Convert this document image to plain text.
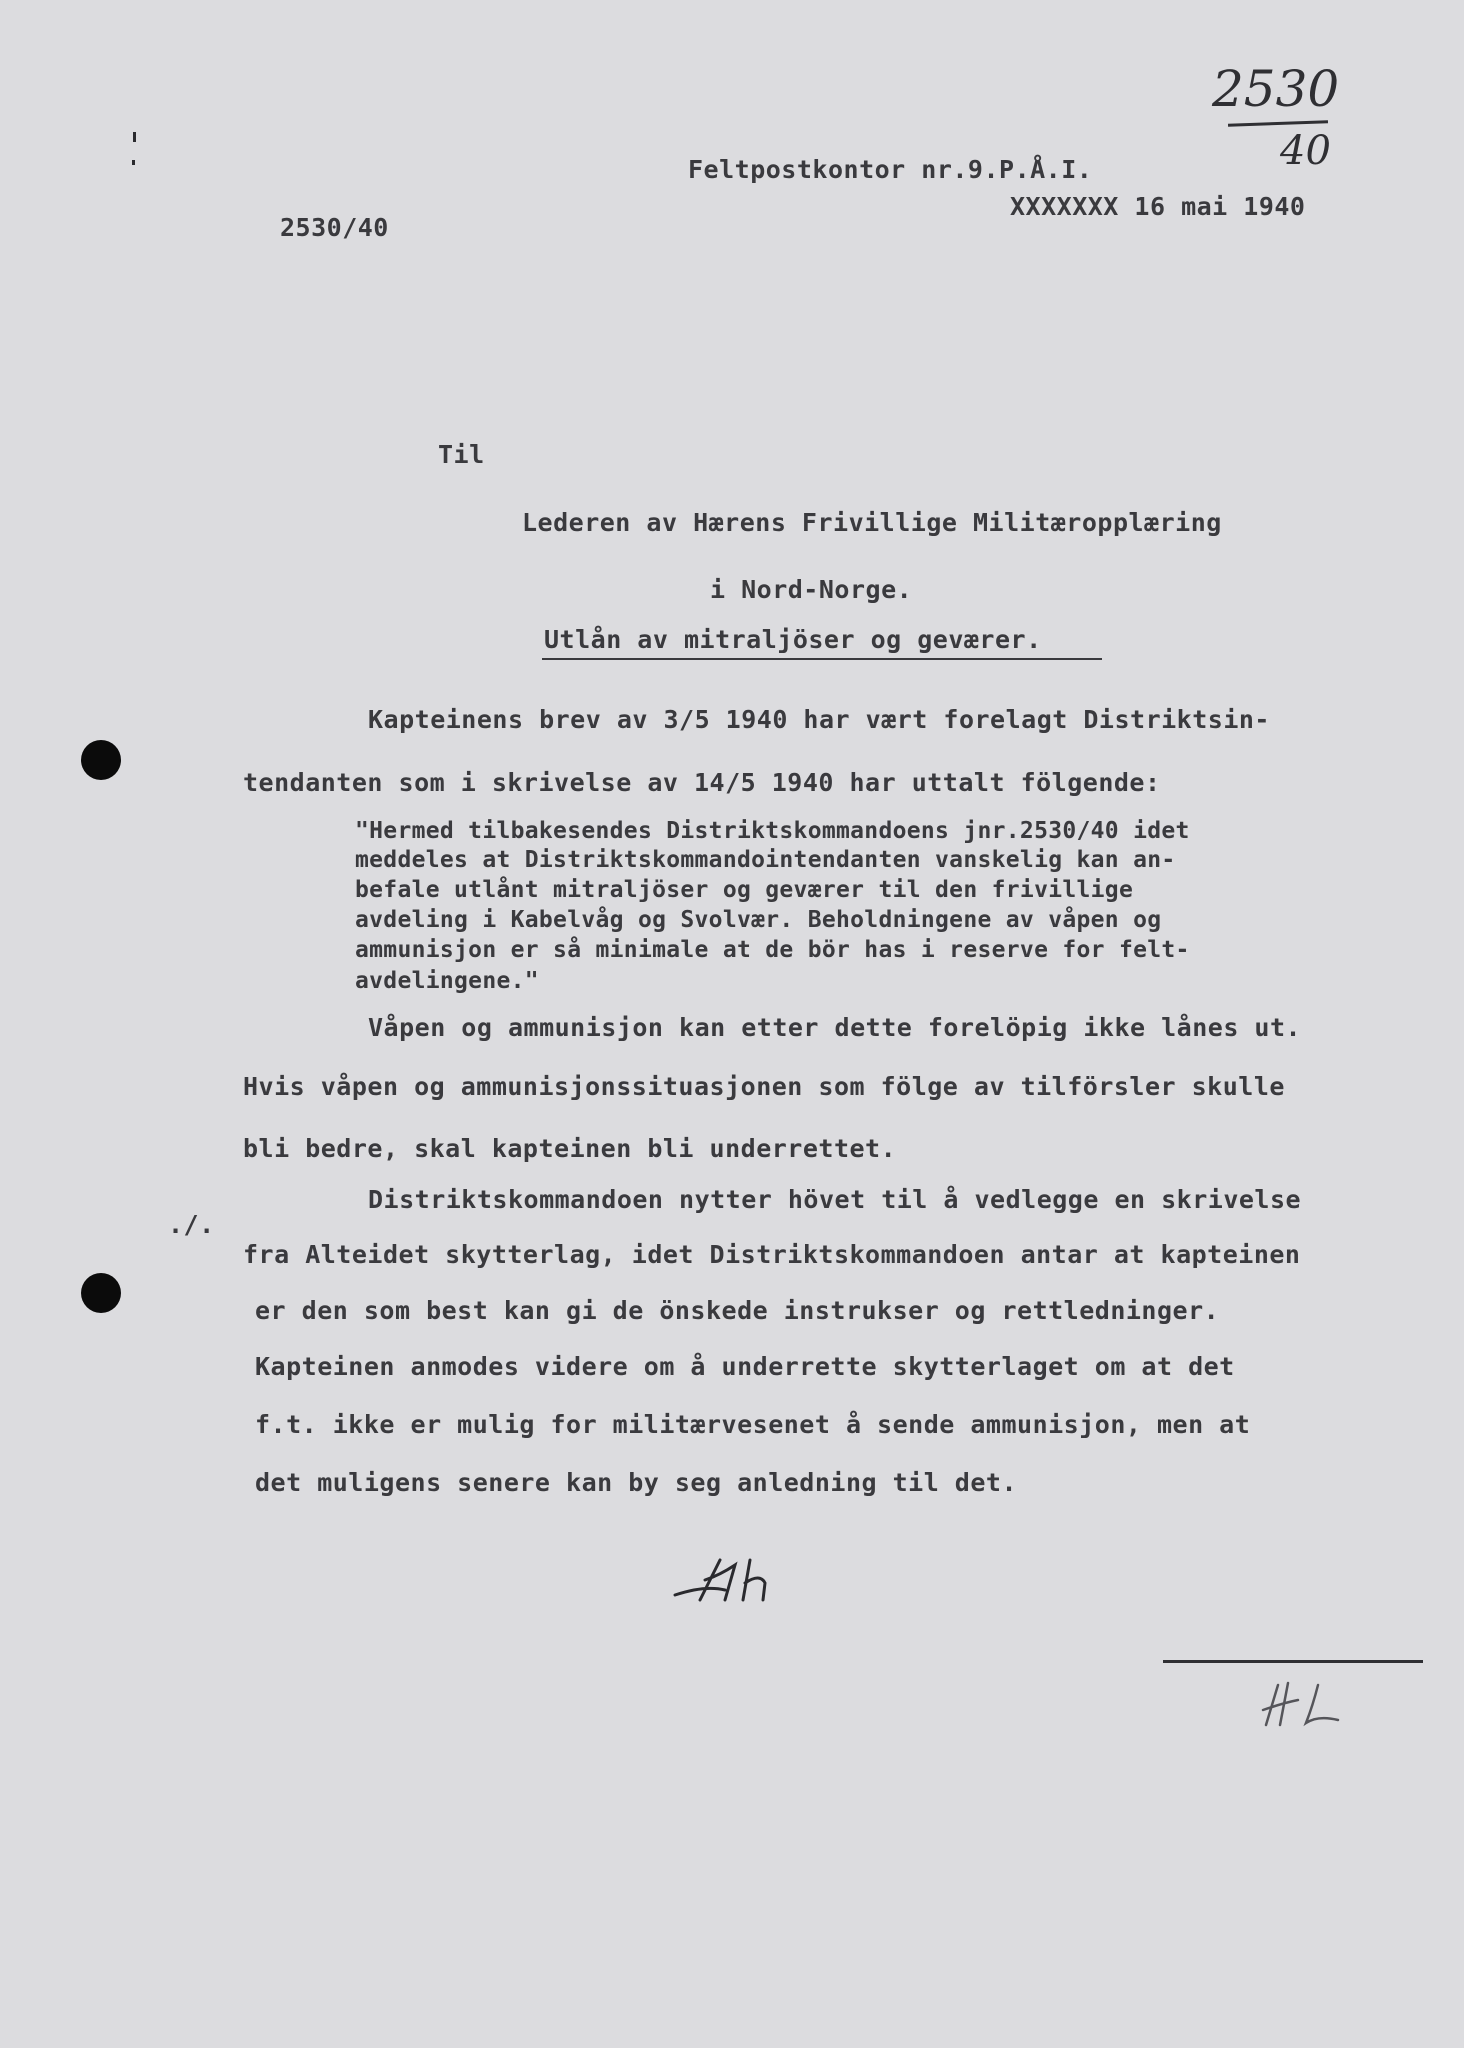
2530
40
Feltpostkontor nr.9.P.Å.I.
XXXXXXX 16 mai 1940
2530/40
Til
Lederen av Hærens Frivillige Militæropplæring
i Nord-Norge.
Utlån av mitraljöser og geværer.
Kapteinens brev av 3/5 1940 har vært forelagt Distriktsin-
tendanten som i skrivelse av 14/5 1940 har uttalt fölgende:
"Hermed tilbakesendes Distriktskommandoens jnr.2530/40 idet
meddeles at Distriktskommandointendanten vanskelig kan an-
befale utlånt mitraljöser og geværer til den frivillige
avdeling i Kabelvåg og Svolvær. Beholdningene av våpen og
ammunisjon er så minimale at de bör has i reserve for felt-
avdelingene."
Våpen og ammunisjon kan etter dette forelöpig ikke lånes ut.
Hvis våpen og ammunisjonssituasjonen som fölge av tilförsler skulle
bli bedre, skal kapteinen bli underrettet.
./.
Distriktskommandoen nytter hövet til å vedlegge en skrivelse
fra Alteidet skytterlag, idet Distriktskommandoen antar at kapteinen
er den som best kan gi de önskede instrukser og rettledninger.
Kapteinen anmodes videre om å underrette skytterlaget om at det
f.t. ikke er mulig for militærvesenet å sende ammunisjon, men at
det muligens senere kan by seg anledning til det.
